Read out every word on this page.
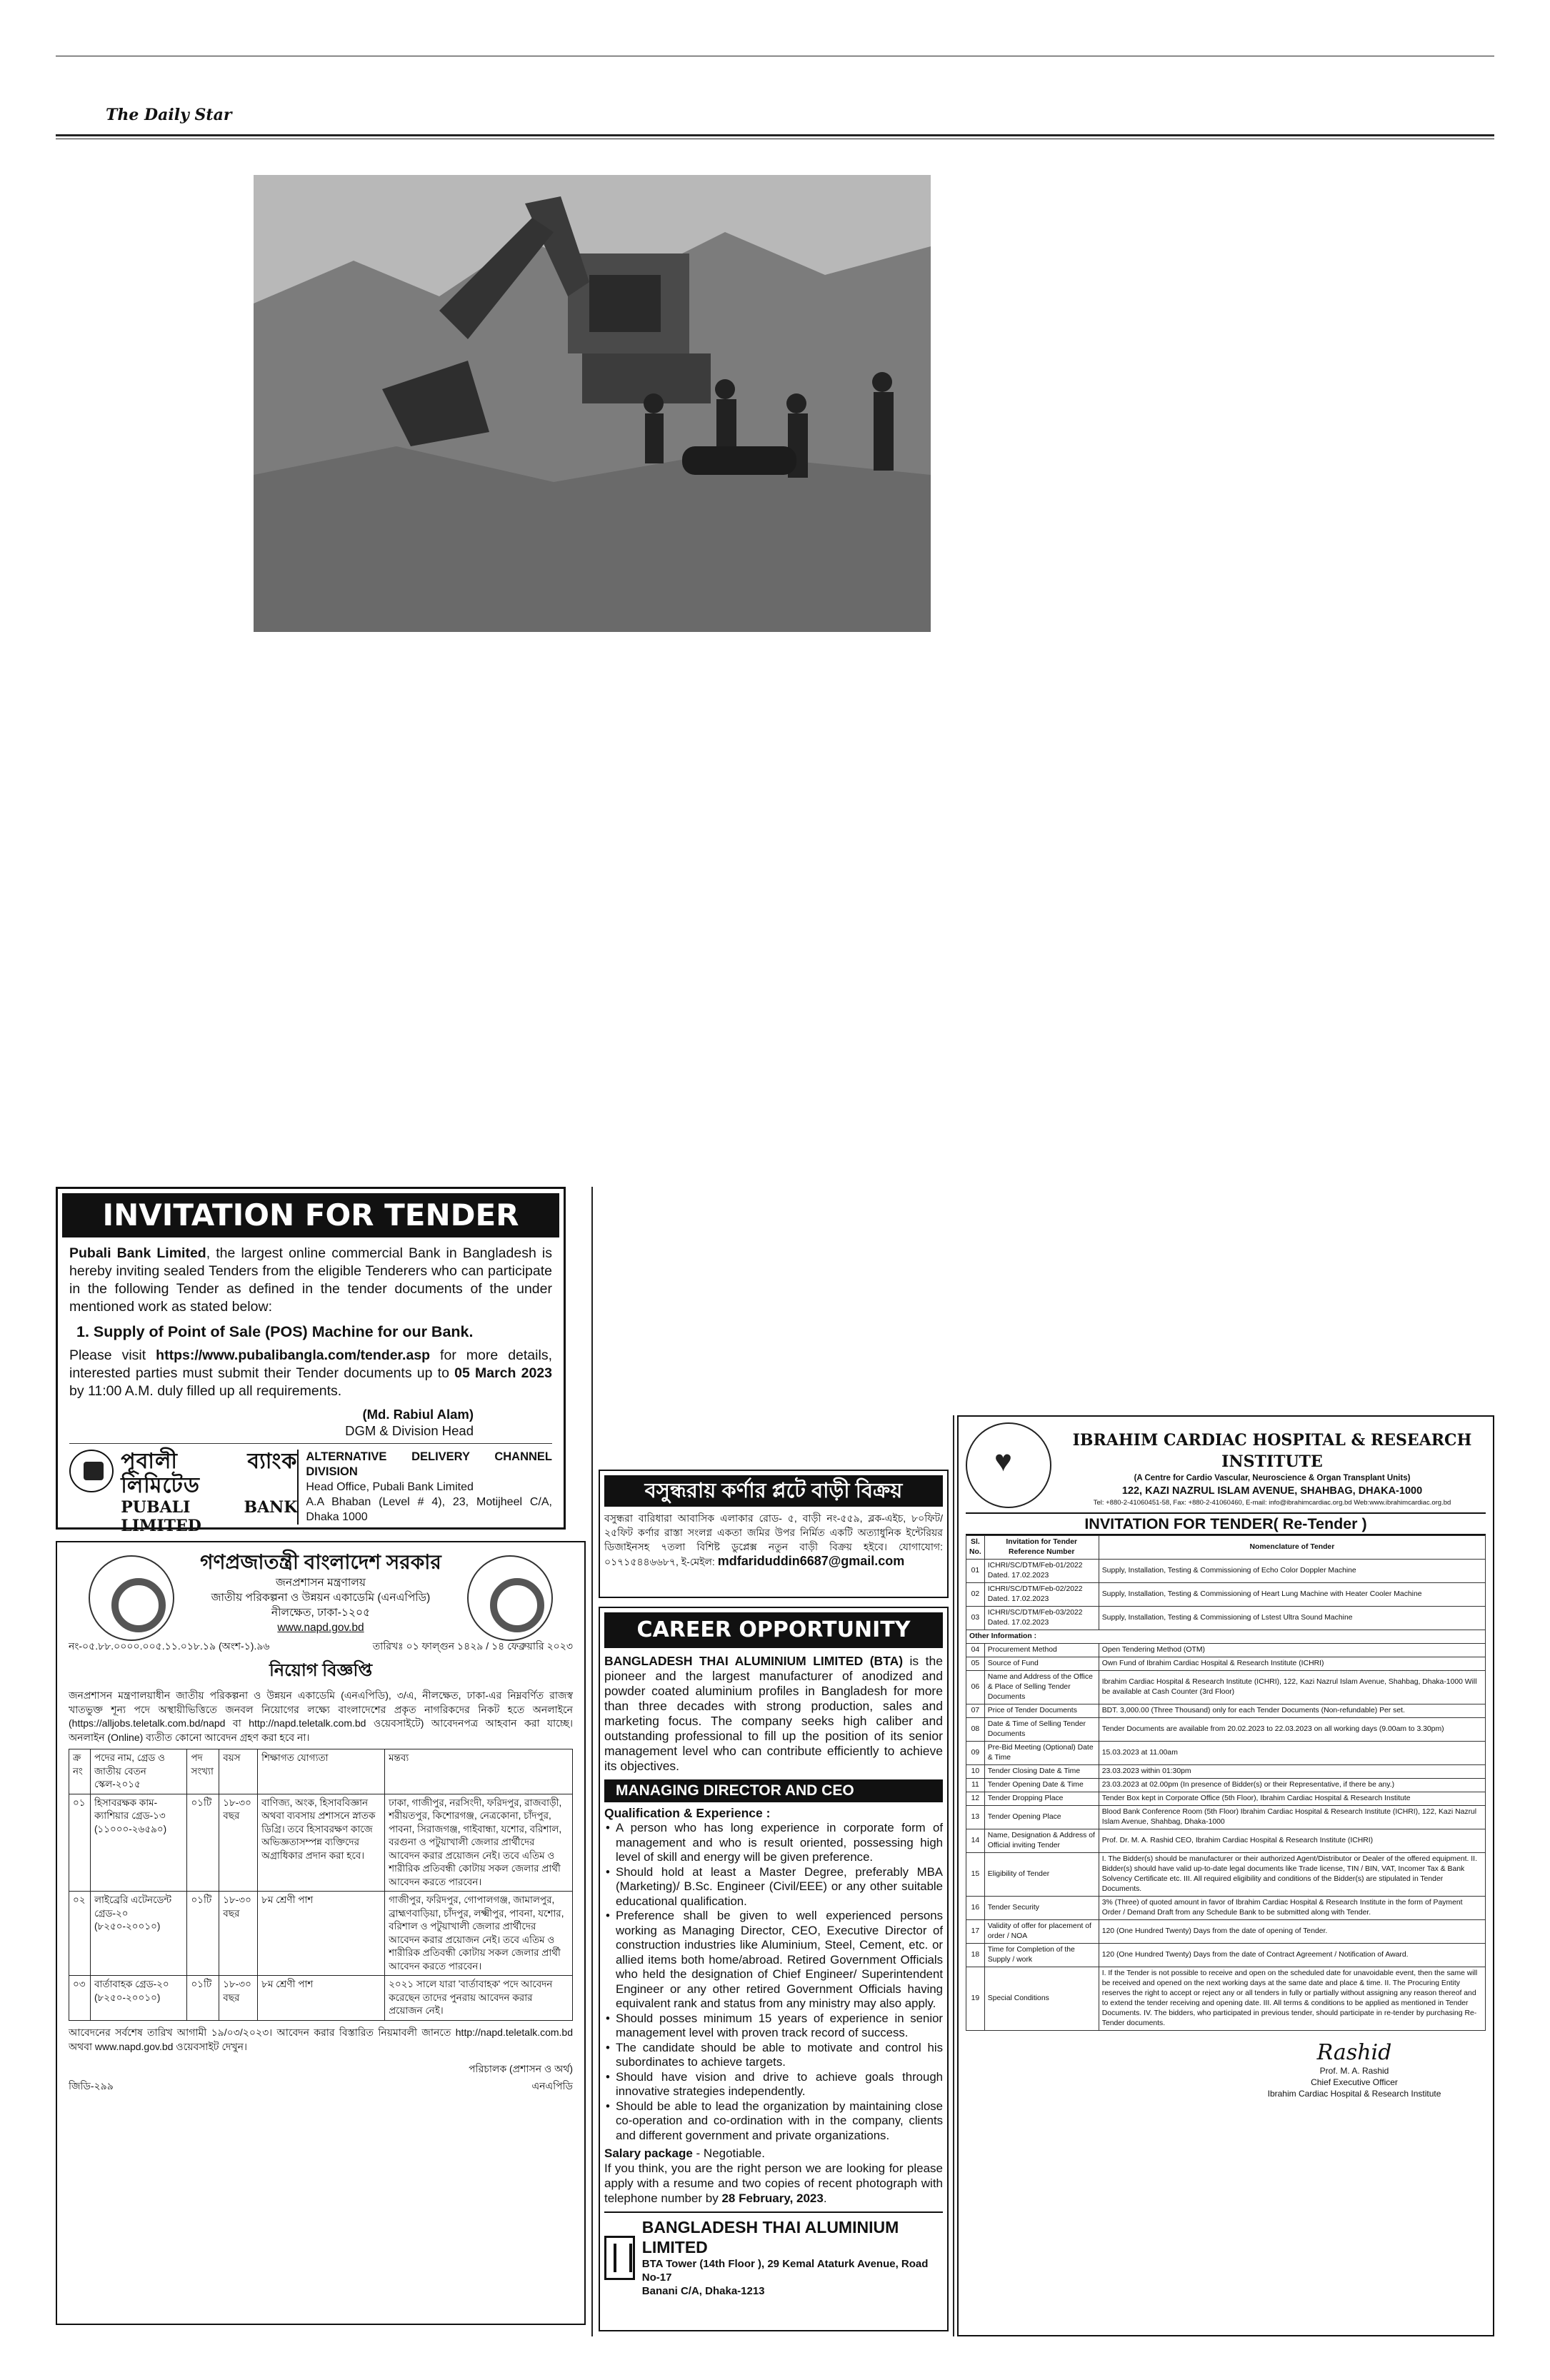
The Daily Star
INVITATION FOR TENDER
Pubali Bank Limited, the largest online commercial Bank in Bangladesh is hereby inviting sealed Tenders from the eligible Tenderers who can participate in the following Tender as defined in the tender documents of the under mentioned work as stated below:
1. Supply of Point of Sale (POS) Machine for our Bank.
Please visit https://www.pubalibangla.com/tender.asp for more details, interested parties must submit their Tender documents up to 05 March 2023 by 11:00 A.M. duly filled up all requirements.
(Md. Rabiul Alam)
DGM & Division Head
পূবালী ব্যাংক লিমিটেড
PUBALI BANK LIMITED
ALTERNATIVE DELIVERY CHANNEL DIVISION
Head Office, Pubali Bank Limited
A.A Bhaban (Level # 4), 23, Motijheel C/A, Dhaka 1000
গণপ্রজাতন্ত্রী বাংলাদেশ সরকার
জনপ্রশাসন মন্ত্রণালয়
জাতীয় পরিকল্পনা ও উন্নয়ন একাডেমি (এনএপিডি)
নীলক্ষেত, ঢাকা-১২০৫
www.napd.gov.bd
নং-০৫.৮৮.০০০০.০০৫.১১.০১৮.১৯ (অংশ-১).৯৬	তারিখঃ ০১ ফাল্গুন ১৪২৯ / ১৪ ফেব্রুয়ারি ২০২৩
নিয়োগ বিজ্ঞপ্তি
জনপ্রশাসন মন্ত্রণালয়াধীন জাতীয় পরিকল্পনা ও উন্নয়ন একাডেমি (এনএপিডি), ৩/এ, নীলক্ষেত, ঢাকা-এর নিম্নবর্ণিত রাজস্ব খাতভুক্ত শূন্য পদে অস্থায়ীভিত্তিতে জনবল নিয়োগের লক্ষ্যে বাংলাদেশের প্রকৃত নাগরিকদের নিকট হতে অনলাইনে (https://alljobs.teletalk.com.bd/napd বা http://napd.teletalk.com.bd ওয়েবসাইটে) আবেদনপত্র আহবান করা যাচ্ছে। অনলাইন (Online) ব্যতীত কোনো আবেদন গ্রহণ করা হবে না।
ক্র নং	পদের নাম, গ্রেড ও জাতীয় বেতন স্কেল-২০১৫	পদ সংখ্যা	বয়স	শিক্ষাগত যোগ্যতা	মন্তব্য
০১	হিসাবরক্ষক কাম-ক্যাশিয়ার গ্রেড-১৩ (১১০০০-২৬৫৯০)	০১টি	১৮-৩০ বছর	বাণিজ্য, অংক, হিসাববিজ্ঞান অথবা ব্যবসায় প্রশাসনে স্নাতক ডিগ্রি। তবে হিসাবরক্ষণ কাজে অভিজ্ঞতাসম্পন্ন ব্যক্তিদের অগ্রাধিকার প্রদান করা হবে।	ঢাকা, গাজীপুর, নরসিংদী, ফরিদপুর, রাজবাড়ী, শরীয়তপুর, কিশোরগঞ্জ, নেত্রকোনা, চাঁদপুর, পাবনা, সিরাজগঞ্জ, গাইবান্ধা, যশোর, বরিশাল, বরগুনা ও পটুয়াখালী জেলার প্রার্থীদের আবেদন করার প্রয়োজন নেই। তবে এতিম ও শারীরিক প্রতিবন্ধী কোটায় সকল জেলার প্রার্থী আবেদন করতে পারবেন।
০২	লাইব্রেরি এটেনডেন্ট গ্রেড-২০ (৮২৫০-২০০১০)	০১টি	১৮-৩০ বছর	৮ম শ্রেণী পাশ	গাজীপুর, ফরিদপুর, গোপালগঞ্জ, জামালপুর, ব্রাহ্মণবাড়িয়া, চাঁদপুর, লক্ষ্মীপুর, পাবনা, যশোর, বরিশাল ও পটুয়াখালী জেলার প্রার্থীদের আবেদন করার প্রয়োজন নেই। তবে এতিম ও শারীরিক প্রতিবন্ধী কোটায় সকল জেলার প্রার্থী আবেদন করতে পারবেন।
০৩	বার্তাবাহক গ্রেড-২০ (৮২৫০-২০০১০)	০১টি	১৮-৩০ বছর	৮ম শ্রেণী পাশ	২০২১ সালে যারা 'বার্তাবাহক' পদে আবেদন করেছেন তাদের পুনরায় আবেদন করার প্রয়োজন নেই।
আবেদনের সর্বশেষ তারিখ আগামী ১৯/০৩/২০২৩। আবেদন করার বিস্তারিত নিয়মাবলী জানতে http://napd.teletalk.com.bd অথবা www.napd.gov.bd ওয়েবসাইট দেখুন।
জিডি-২৯৯
পরিচালক (প্রশাসন ও অর্থ)
এনএপিডি
বসুন্ধরায় কর্ণার প্লটে বাড়ী বিক্রয়
বসুন্ধরা বারিধারা আবাসিক এলাকার রোড- ৫, বাড়ী নং-৫৫৯, ব্লক-এইচ, ৮০ফিট/২৫ফিট কর্ণার রাস্তা সংলগ্ন একতা জমির উপর নির্মিত একটি অত্যাধুনিক ইন্টেরিয়র ডিজাইনসহ ৭তলা বিশিষ্ট ডুপ্লেক্স নতুন বাড়ী বিক্রয় হইবে। যোগাযোগ: ০১৭১৫৪৪৬৬৮৭, ই-মেইল: mdfariduddin6687@gmail.com
CAREER OPPORTUNITY
BANGLADESH THAI ALUMINIUM LIMITED (BTA) is the pioneer and the largest manufacturer of anodized and powder coated aluminium profiles in Bangladesh for more than three decades with strong production, sales and marketing focus. The company seeks high caliber and outstanding professional to fill up the position of its senior management level who can contribute efficiently to achieve its objectives.
MANAGING DIRECTOR AND CEO
Qualification & Experience :
• A person who has long experience in corporate form of management and who is result oriented, possessing high level of skill and energy will be given preference.
• Should hold at least a Master Degree, preferably MBA (Marketing)/ B.Sc. Engineer (Civil/EEE) or any other suitable educational qualification.
• Preference shall be given to well experienced persons working as Managing Director, CEO, Executive Director of construction industries like Aluminium, Steel, Cement, etc. or allied items both home/abroad. Retired Government Officials who held the designation of Chief Engineer/ Superintendent Engineer or any other retired Government Officials having equivalent rank and status from any ministry may also apply.
• Should posses minimum 15 years of experience in senior management level with proven track record of success.
• The candidate should be able to motivate and control his subordinates to achieve targets.
• Should have vision and drive to achieve goals through innovative strategies independently.
• Should be able to lead the organization by maintaining close co-operation and co-ordination with in the company, clients and different government and private organizations.
Salary package - Negotiable.
If you think, you are the right person we are looking for please apply with a resume and two copies of recent photograph with telephone number by 28 February, 2023.
BANGLADESH THAI ALUMINIUM LIMITED
BTA Tower (14th Floor ), 29 Kemal Ataturk Avenue, Road No-17
Banani C/A, Dhaka-1213
♥
IBRAHIM CARDIAC HOSPITAL & RESEARCH INSTITUTE
(A Centre for Cardio Vascular, Neuroscience & Organ Transplant Units)
122, KAZI NAZRUL ISLAM AVENUE, SHAHBAG, DHAKA-1000
Tel: +880-2-41060451-58, Fax: +880-2-41060460, E-mail: info@ibrahimcardiac.org.bd Web:www.ibrahimcardiac.org.bd
INVITATION FOR TENDER( Re-Tender )
Sl. No.	Invitation for Tender Reference Number	Nomenclature of Tender
01	ICHRI/SC/DTM/Feb-01/2022 Dated. 17.02.2023	Supply, Installation, Testing & Commissioning of Echo Color Doppler Machine
02	ICHRI/SC/DTM/Feb-02/2022 Dated. 17.02.2023	Supply, Installation, Testing & Commissioning of Heart Lung Machine with Heater Cooler Machine
03	ICHRI/SC/DTM/Feb-03/2022 Dated. 17.02.2023	Supply, Installation, Testing & Commissioning of Lstest Ultra Sound Machine
Other Information :		
04	Procurement Method	Open Tendering Method (OTM)
05	Source of Fund	Own Fund of Ibrahim Cardiac Hospital & Research Institute (ICHRI)
06	Name and Address of the Office & Place of Selling Tender Documents	Ibrahim Cardiac Hospital & Research Institute (ICHRI), 122, Kazi Nazrul Islam Avenue, Shahbag, Dhaka-1000 Will be available at Cash Counter (3rd Floor)
07	Price of Tender Documents	BDT. 3,000.00 (Three Thousand) only for each Tender Documents (Non-refundable) Per set.
08	Date & Time of Selling Tender Documents	Tender Documents are available from 20.02.2023 to 22.03.2023 on all working days (9.00am to 3.30pm)
09	Pre-Bid Meeting (Optional) Date & Time	15.03.2023 at 11.00am
10	Tender Closing Date & Time	23.03.2023 within 01:30pm
11	Tender Opening Date & Time	23.03.2023 at 02.00pm (In presence of Bidder(s) or their Representative, if there be any.)
12	Tender Dropping Place	Tender Box kept in Corporate Office (5th Floor), Ibrahim Cardiac Hospital & Research Institute
13	Tender Opening Place	Blood Bank Conference Room (5th Floor) Ibrahim Cardiac Hospital & Research Institute (ICHRI), 122, Kazi Nazrul Islam Avenue, Shahbag, Dhaka-1000
14	Name, Designation & Address of Official inviting Tender	Prof. Dr. M. A. Rashid CEO, Ibrahim Cardiac Hospital & Research Institute (ICHRI)
15	Eligibility of Tender	I. The Bidder(s) should be manufacturer or their authorized Agent/Distributor or Dealer of the offered equipment. II. Bidder(s) should have valid up-to-date legal documents like Trade license, TIN / BIN, VAT, Incomer Tax & Bank Solvency Certificate etc. III. All required eligibility and conditions of the Bidder(s) are stipulated in Tender Documents.
16	Tender Security	3% (Three) of quoted amount in favor of Ibrahim Cardiac Hospital & Research Institute in the form of Payment Order / Demand Draft from any Schedule Bank to be submitted along with Tender.
17	Validity of offer for placement of order / NOA	120 (One Hundred Twenty) Days from the date of opening of Tender.
18	Time for Completion of the Supply / work	120 (One Hundred Twenty) Days from the date of Contract Agreement / Notification of Award.
19	Special Conditions	I. If the Tender is not possible to receive and open on the scheduled date for unavoidable event, then the same will be received and opened on the next working days at the same date and place & time. II. The Procuring Entity reserves the right to accept or reject any or all tenders in fully or partially without assigning any reason thereof and to extend the tender receiving and opening date. III. All terms & conditions to be applied as mentioned in Tender Documents. IV. The bidders, who participated in previous tender, should participate in re-tender by purchasing Re-Tender documents.
Rashid
Prof. M. A. Rashid
Chief Executive Officer
Ibrahim Cardiac Hospital & Research Institute
